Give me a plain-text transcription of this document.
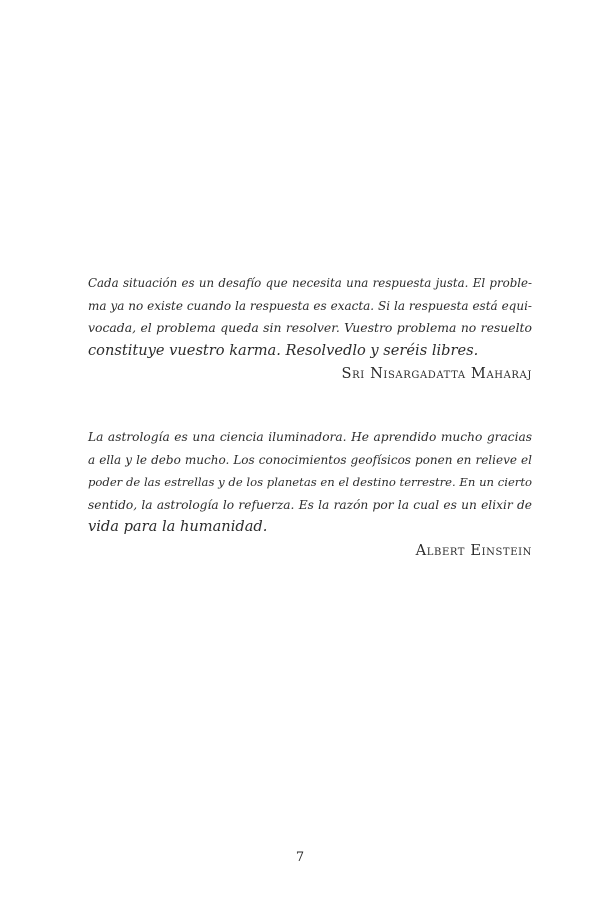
Cada situación es un desafío que necesita una respuesta justa. El proble-
ma ya no existe cuando la respuesta es exacta. Si la respuesta está equi-
vocada, el problema queda sin resolver. Vuestro problema no resuelto
constituye vuestro karma. Resolvedlo y seréis libres.
Sri Nisargadatta Maharaj
La astrología es una ciencia iluminadora. He aprendido mucho gracias
a ella y le debo mucho. Los conocimientos geofísicos ponen en relieve el
poder de las estrellas y de los planetas en el destino terrestre. En un cierto
sentido, la astrología lo refuerza. Es la razón por la cual es un elixir de
vida para la humanidad.
Albert Einstein
7
